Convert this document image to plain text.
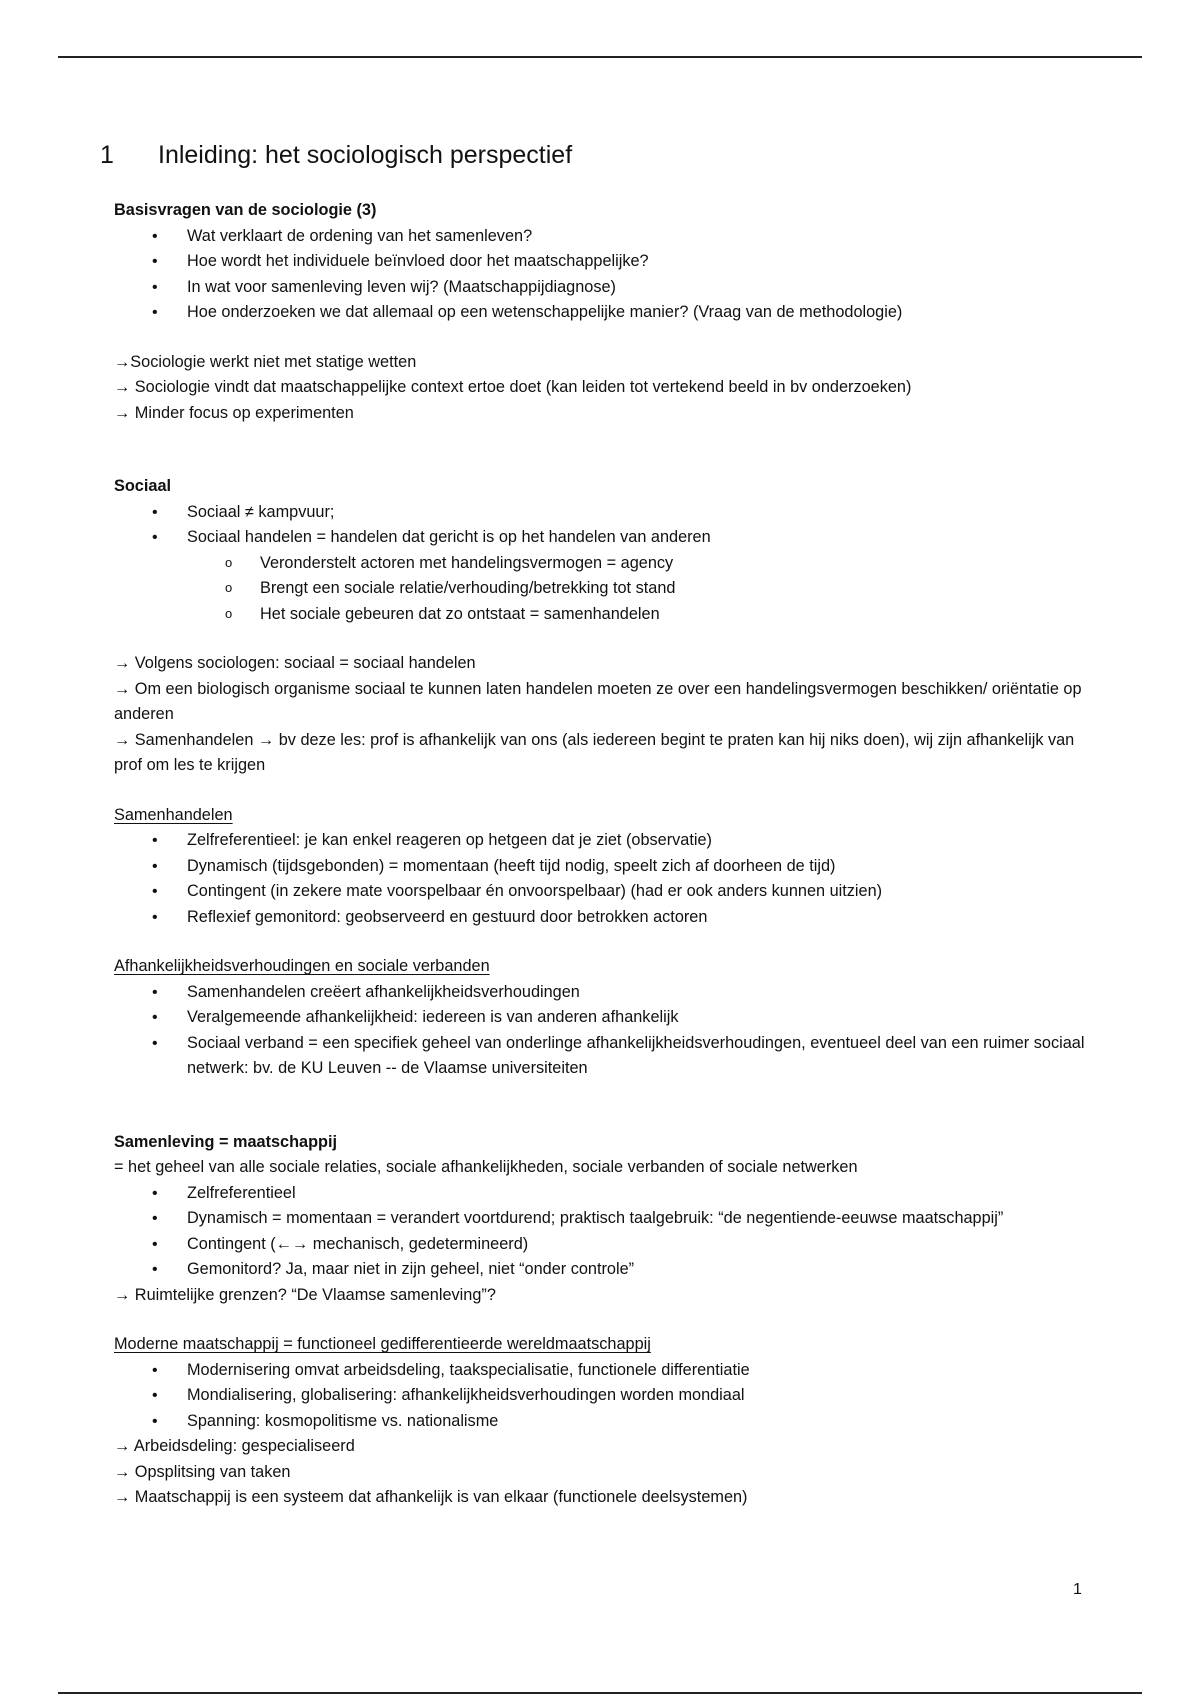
1 Inleiding: het sociologisch perspectief

Basisvragen van de sociologie (3)

• Wat verklaart de ordening van het samenleven?
• Hoe wordt het individuele beïnvloed door het maatschappelijke?
• In wat voor samenleving leven wij? (Maatschappijdiagnose)
• Hoe onderzoeken we dat allemaal op een wetenschappelijke manier? (Vraag van de methodologie)

→Sociologie werkt niet met statige wetten

→ Sociologie vindt dat maatschappelijke context ertoe doet (kan leiden tot vertekend beeld in bv onderzoeken)

→ Minder focus op experimenten

Sociaal

• Sociaal ≠ kampvuur;
• Sociaal handelen = handelen dat gericht is op het handelen van anderen
o Veronderstelt actoren met handelingsvermogen = agency
o Brengt een sociale relatie/verhouding/betrekking tot stand
o Het sociale gebeuren dat zo ontstaat = samenhandelen

→ Volgens sociologen: sociaal = sociaal handelen

→ Om een biologisch organisme sociaal te kunnen laten handelen moeten ze over een handelingsvermogen beschikken/ oriëntatie op anderen

→ Samenhandelen → bv deze les: prof is afhankelijk van ons (als iedereen begint te praten kan hij niks doen), wij zijn afhankelijk van prof om les te krijgen

Samenhandelen

• Zelfreferentieel: je kan enkel reageren op hetgeen dat je ziet (observatie)
• Dynamisch (tijdsgebonden) = momentaan (heeft tijd nodig, speelt zich af doorheen de tijd)
• Contingent (in zekere mate voorspelbaar én onvoorspelbaar) (had er ook anders kunnen uitzien)
• Reflexief gemonitord: geobserveerd en gestuurd door betrokken actoren

Afhankelijkheidsverhoudingen en sociale verbanden

• Samenhandelen creëert afhankelijkheidsverhoudingen
• Veralgemeende afhankelijkheid: iedereen is van anderen afhankelijk
• Sociaal verband = een specifiek geheel van onderlinge afhankelijkheidsverhoudingen, eventueel deel van een ruimer sociaal netwerk: bv. de KU Leuven -- de Vlaamse universiteiten

Samenleving = maatschappij

= het geheel van alle sociale relaties, sociale afhankelijkheden, sociale verbanden of sociale netwerken

• Zelfreferentieel
• Dynamisch = momentaan = verandert voortdurend; praktisch taalgebruik: “de negentiende-eeuwse maatschappij”
• Contingent (←→ mechanisch, gedetermineerd)
• Gemonitord? Ja, maar niet in zijn geheel, niet “onder controle”

→ Ruimtelijke grenzen? “De Vlaamse samenleving”?

Moderne maatschappij = functioneel gedifferentieerde wereldmaatschappij

• Modernisering omvat arbeidsdeling, taakspecialisatie, functionele differentiatie
• Mondialisering, globalisering: afhankelijkheidsverhoudingen worden mondiaal
• Spanning: kosmopolitisme vs. nationalisme

→ Arbeidsdeling: gespecialiseerd

→ Opsplitsing van taken

→ Maatschappij is een systeem dat afhankelijk is van elkaar (functionele deelsystemen)

1
